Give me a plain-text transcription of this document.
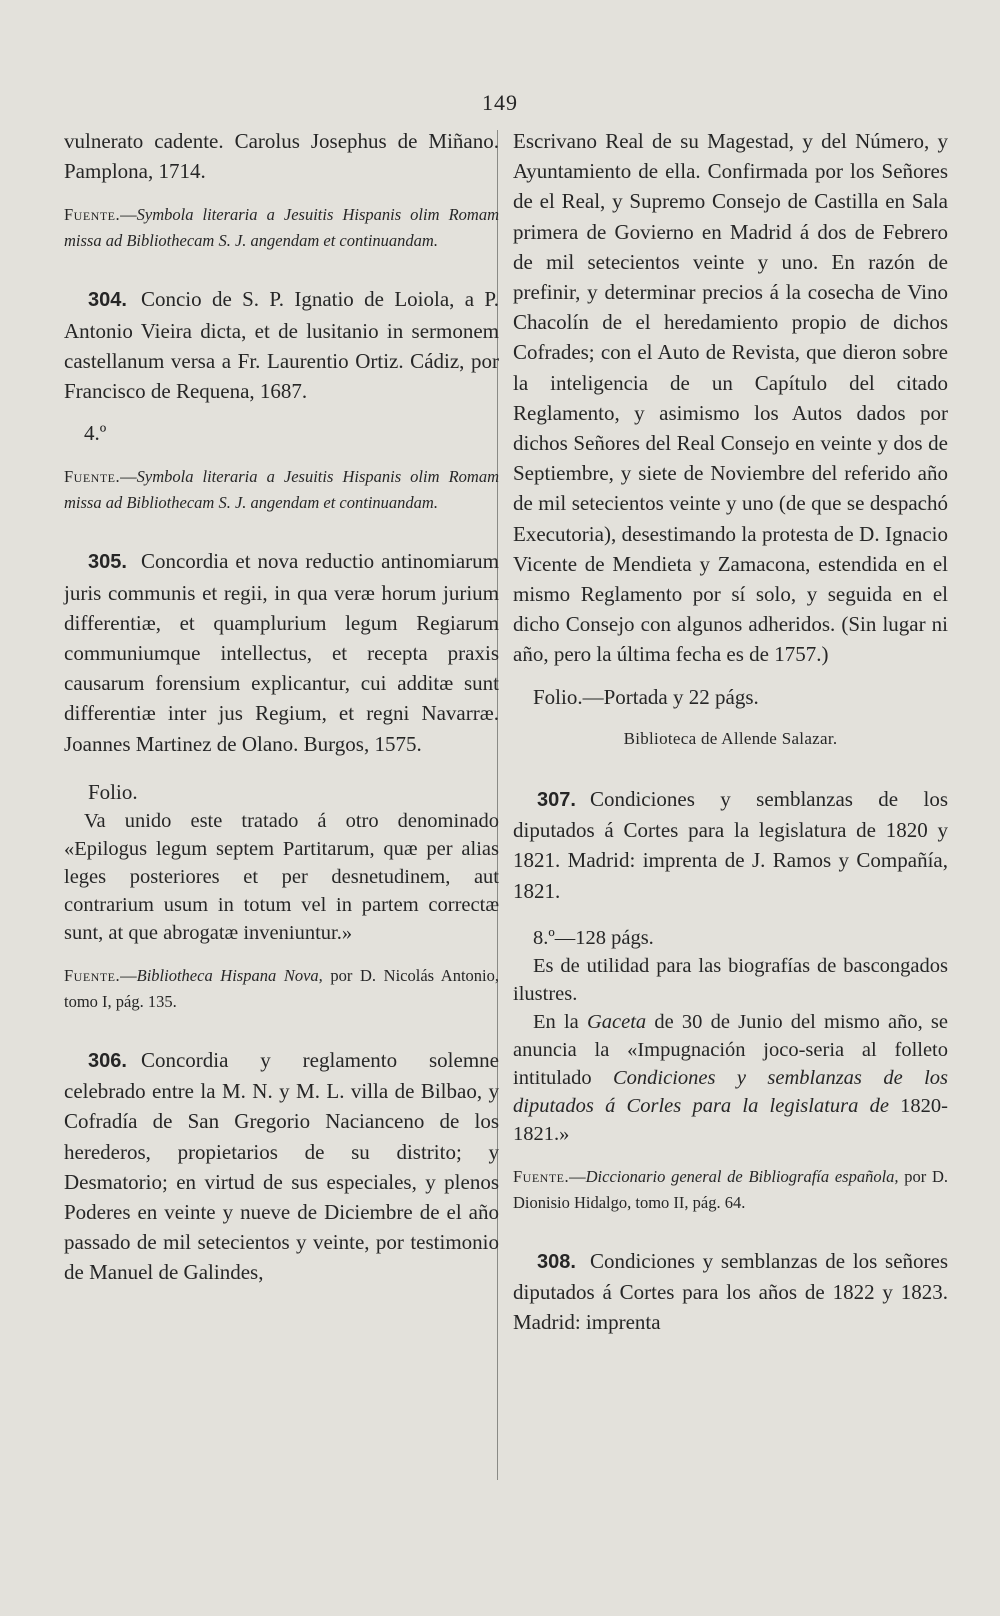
149

vulnerato cadente. Carolus Josephus de Miñano. Pamplona, 1714.

Fuente.—Symbola literaria a Jesuitis Hispanis olim Romam missa ad Bibliothecam S. J. angendam et continuandam.

304. Concio de S. P. Ignatio de Loiola, a P. Antonio Vieira dicta, et de lusitanio in sermonem castellanum versa a Fr. Laurentio Ortiz. Cádiz, por Francisco de Requena, 1687.

4.º

Fuente.—Symbola literaria a Jesuitis Hispanis olim Romam missa ad Bibliothecam S. J. angendam et continuandam.

305. Concordia et nova reductio antinomiarum juris communis et regii, in qua veræ horum jurium differentiæ, et quamplurium legum Regiarum communiumque intellectus, et recepta praxis causarum forensium explicantur, cui additæ sunt differentiæ inter jus Regium, et regni Navarræ. Joannes Martinez de Olano. Burgos, 1575.

Folio.

Va unido este tratado á otro denominado «Epilogus legum septem Partitarum, quæ per alias leges posteriores et per desnetudinem, aut contrarium usum in totum vel in partem correctæ sunt, at que abrogatæ inveniuntur.»

Fuente.—Bibliotheca Hispana Nova, por D. Nicolás Antonio, tomo I, pág. 135.

306. Concordia y reglamento solemne celebrado entre la M. N. y M. L. villa de Bilbao, y Cofradía de San Gregorio Nacianceno de los herederos, propietarios de su distrito; y Desmatorio; en virtud de sus especiales, y plenos Poderes en veinte y nueve de Diciembre de el año passado de mil setecientos y veinte, por testimonio de Manuel de Galindes,

Escrivano Real de su Magestad, y del Número, y Ayuntamiento de ella. Confirmada por los Señores de el Real, y Supremo Consejo de Castilla en Sala primera de Govierno en Madrid á dos de Febrero de mil setecientos veinte y uno. En razón de prefinir, y determinar precios á la cosecha de Vino Chacolín de el heredamiento propio de dichos Cofrades; con el Auto de Revista, que dieron sobre la inteligencia de un Capítulo del citado Reglamento, y asimismo los Autos dados por dichos Señores del Real Consejo en veinte y dos de Septiembre, y siete de Noviembre del referido año de mil setecientos veinte y uno (de que se despachó Executoria), desestimando la protesta de D. Ignacio Vicente de Mendieta y Zamacona, estendida en el mismo Reglamento por sí solo, y seguida en el dicho Consejo con algunos adheridos. (Sin lugar ni año, pero la última fecha es de 1757.)

Folio.—Portada y 22 págs.

Biblioteca de Allende Salazar.

307. Condiciones y semblanzas de los diputados á Cortes para la legislatura de 1820 y 1821. Madrid: imprenta de J. Ramos y Compañía, 1821.

8.º—128 págs.

Es de utilidad para las biografías de bascongados ilustres.

En la Gaceta de 30 de Junio del mismo año, se anuncia la «Impugnación joco-seria al folleto intitulado Condiciones y semblanzas de los diputados á Corles para la legislatura de 1820-1821.»

Fuente.—Diccionario general de Bibliografía española, por D. Dionisio Hidalgo, tomo II, pág. 64.

308. Condiciones y semblanzas de los señores diputados á Cortes para los años de 1822 y 1823. Madrid: imprenta
